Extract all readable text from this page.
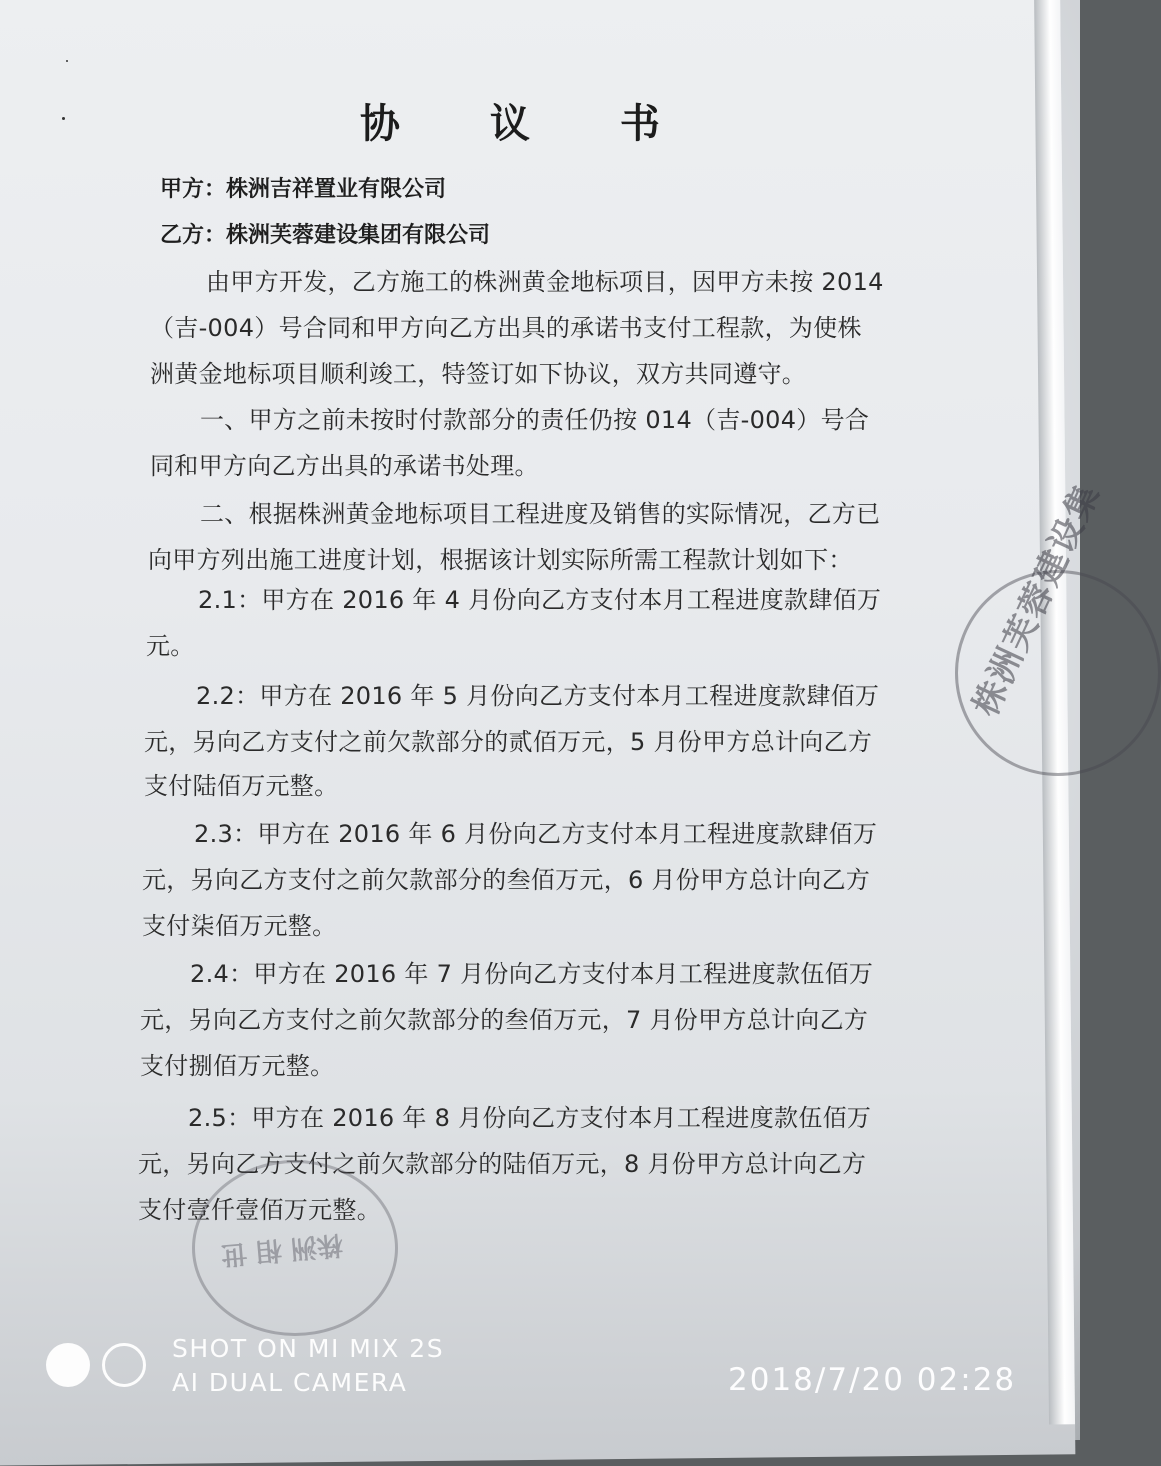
协 议 书
甲方：株洲吉祥置业有限公司
乙方：株洲芙蓉建设集团有限公司
由甲方开发，乙方施工的株洲黄金地标项目，因甲方未按 2014
（吉-004）号合同和甲方向乙方出具的承诺书支付工程款，为使株
洲黄金地标项目顺利竣工，特签订如下协议，双方共同遵守。
一、甲方之前未按时付款部分的责任仍按 014（吉-004）号合
同和甲方向乙方出具的承诺书处理。
二、根据株洲黄金地标项目工程进度及销售的实际情况，乙方已
向甲方列出施工进度计划，根据该计划实际所需工程款计划如下：
2.1：甲方在 2016 年 4 月份向乙方支付本月工程进度款肆佰万
元。
2.2：甲方在 2016 年 5 月份向乙方支付本月工程进度款肆佰万
元，另向乙方支付之前欠款部分的贰佰万元，5 月份甲方总计向乙方
支付陆佰万元整。
2.3：甲方在 2016 年 6 月份向乙方支付本月工程进度款肆佰万
元，另向乙方支付之前欠款部分的叁佰万元，6 月份甲方总计向乙方
支付柒佰万元整。
2.4：甲方在 2016 年 7 月份向乙方支付本月工程进度款伍佰万
元，另向乙方支付之前欠款部分的叁佰万元，7 月份甲方总计向乙方
支付捌佰万元整。
2.5：甲方在 2016 年 8 月份向乙方支付本月工程进度款伍佰万
元，另向乙方支付之前欠款部分的陆佰万元，8 月份甲方总计向乙方
支付壹仟壹佰万元整。
株洲芙蓉建设集
株洲 相 世
SHOT ON MI MIX 2S
AI DUAL CAMERA	2018/7/20 02:28
